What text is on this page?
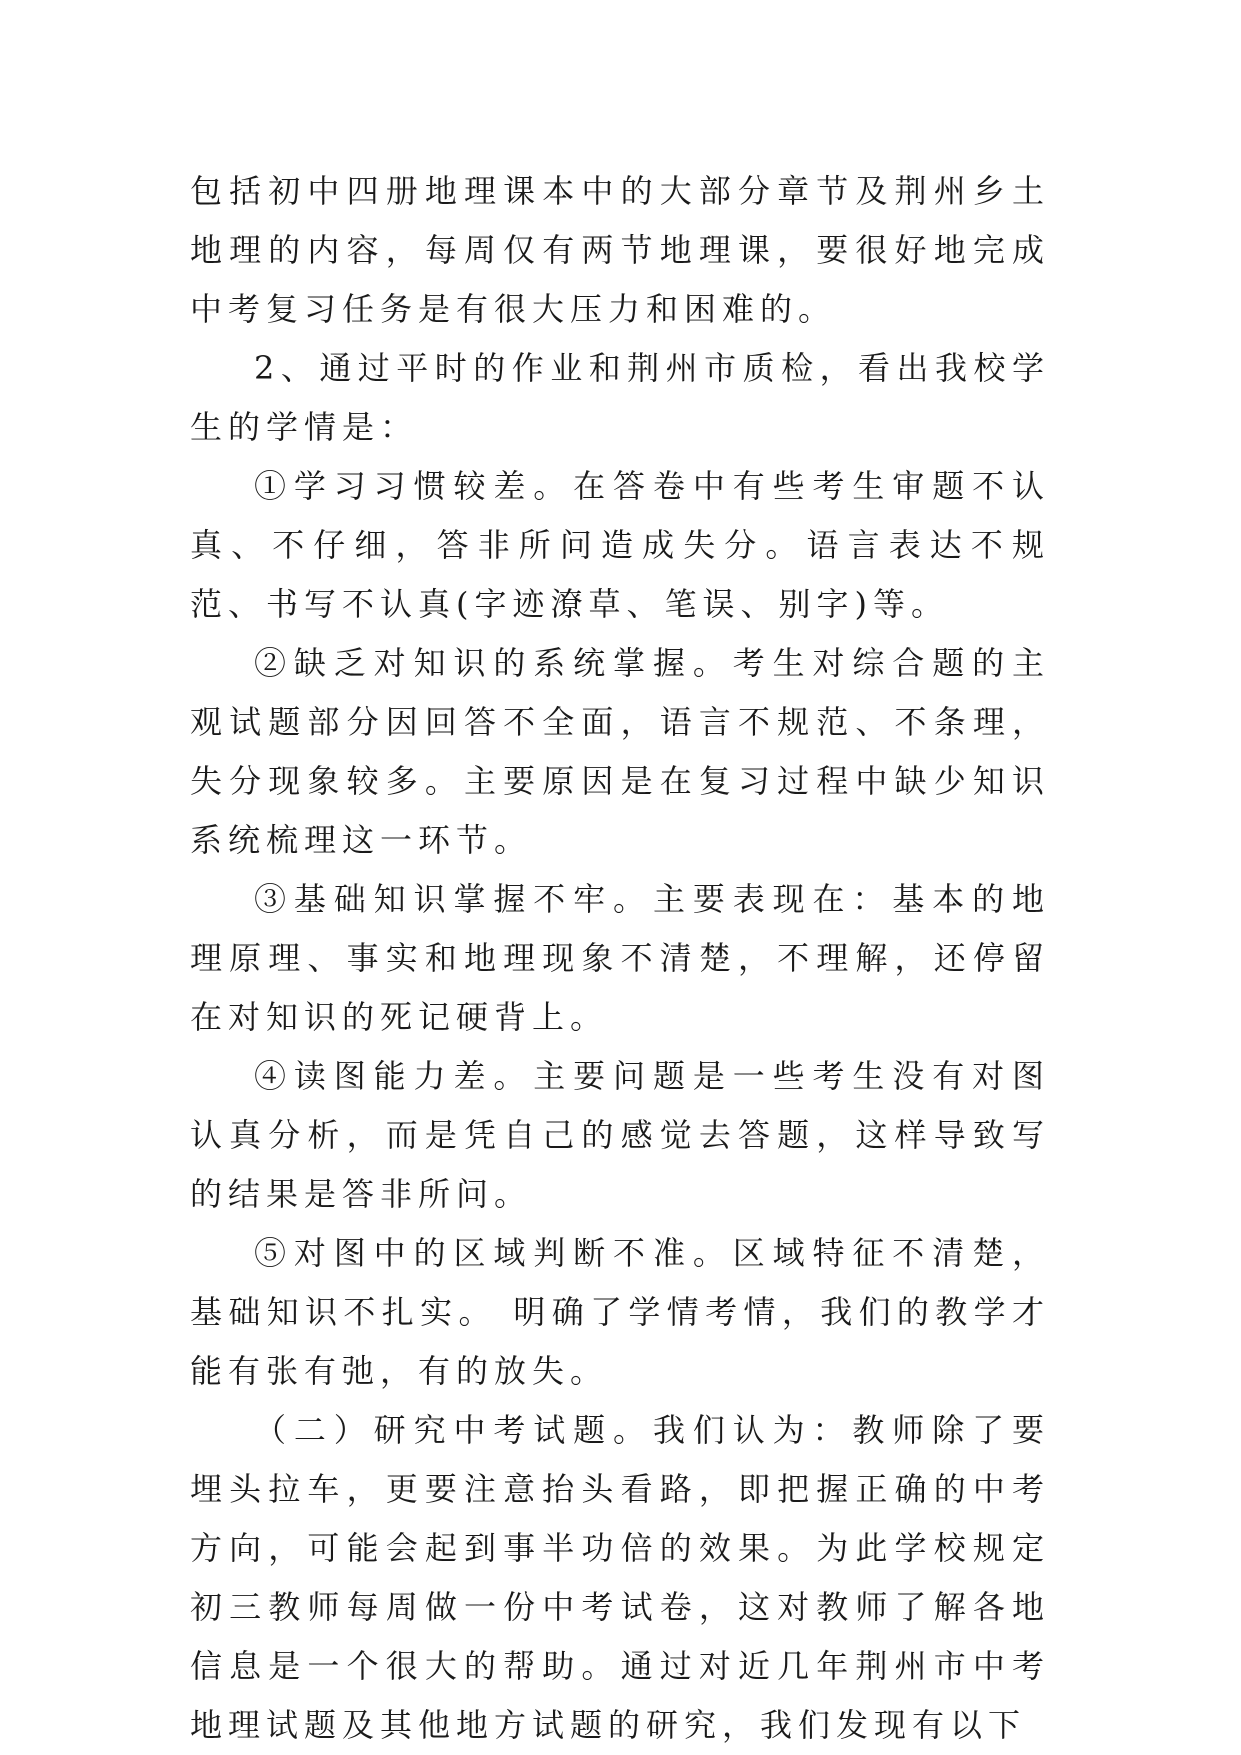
包括初中四册地理课本中的大部分章节及荆州乡土地理的内容，每周仅有两节地理课，要很好地完成中考复习任务是有很大压力和困难的。

2、通过平时的作业和荆州市质检，看出我校学生的学情是：

①学习习惯较差。在答卷中有些考生审题不认真、不仔细，答非所问造成失分。语言表达不规范、书写不认真(字迹潦草、笔误、别字)等。

②缺乏对知识的系统掌握。考生对综合题的主观试题部分因回答不全面，语言不规范、不条理，失分现象较多。主要原因是在复习过程中缺少知识系统梳理这一环节。

③基础知识掌握不牢。主要表现在：基本的地理原理、事实和地理现象不清楚，不理解，还停留在对知识的死记硬背上。

④读图能力差。主要问题是一些考生没有对图认真分析，而是凭自己的感觉去答题，这样导致写的结果是答非所问。

⑤对图中的区域判断不准。区域特征不清楚，基础知识不扎实。 明确了学情考情，我们的教学才能有张有弛，有的放失。

（二）研究中考试题。我们认为：教师除了要埋头拉车，更要注意抬头看路，即把握正确的中考方向，可能会起到事半功倍的效果。为此学校规定初三教师每周做一份中考试卷，这对教师了解各地信息是一个很大的帮助。通过对近几年荆州市中考地理试题及其他地方试题的研究，我们发现有以下
